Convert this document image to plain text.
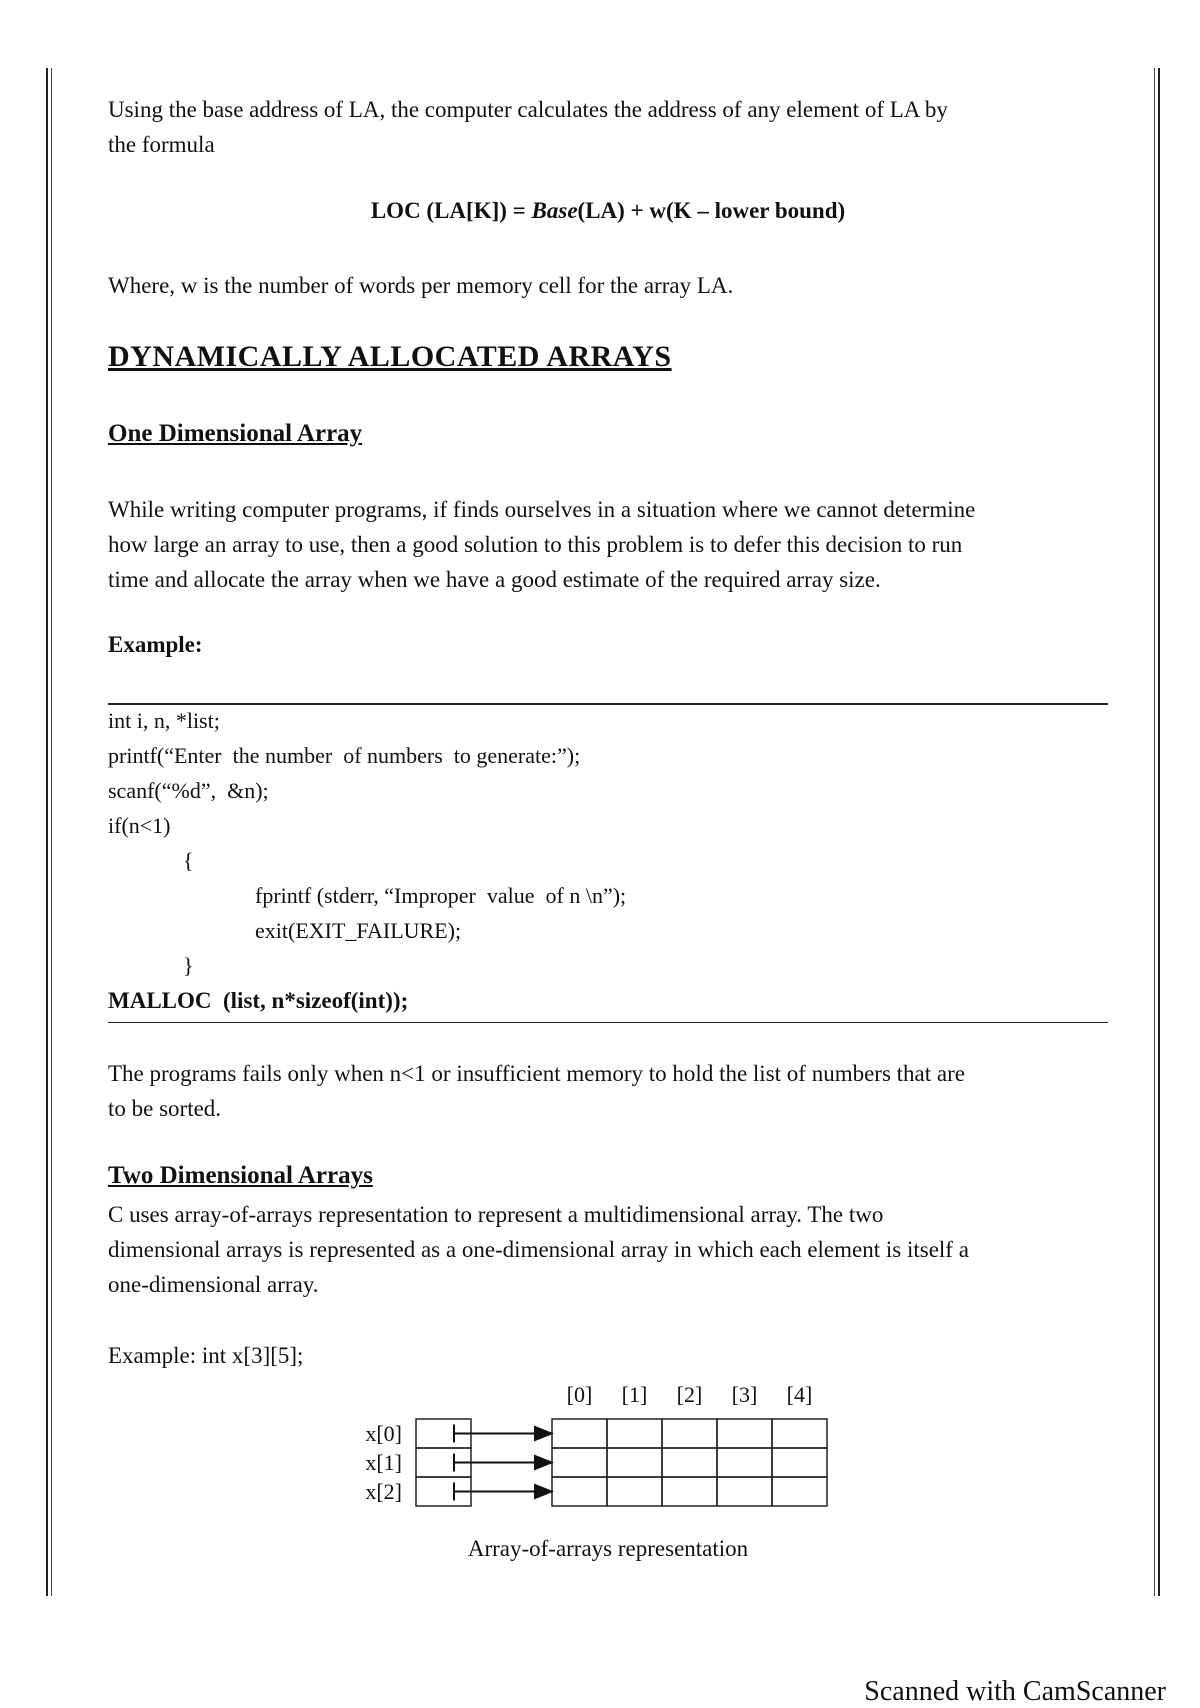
Using the base address of LA, the computer calculates the address of any element of LA by

the formula

LOC (LA[K]) = Base(LA) + w(K – lower bound)

Where, w is the number of words per memory cell for the array LA.

DYNAMICALLY ALLOCATED ARRAYS
One Dimensional Array

While writing computer programs, if finds ourselves in a situation where we cannot determine

how large an array to use, then a good solution to this problem is to defer this decision to run

time and allocate the array when we have a good estimate of the required array size.

Example:
int i, n, *list;
printf(“Enter  the number  of numbers  to generate:”);
scanf(“%d”,  &n);
if(n<1)
{
fprintf (stderr, “Improper  value  of n \n”);
exit(EXIT_FAILURE);
}
MALLOC  (list, n*sizeof(int));

The programs fails only when n<1 or insufficient memory to hold the list of numbers that are

to be sorted.

Two Dimensional Arrays

C uses array-of-arrays representation to represent a multidimensional array. The two

dimensional arrays is represented as a one-dimensional array in which each element is itself a

one-dimensional array.

Example: int x[3][5];

Array-of-arrays representation
[0] [1] [2] [3] [4]
x[0]
x[1]
x[2]
Scanned with CamScanner
